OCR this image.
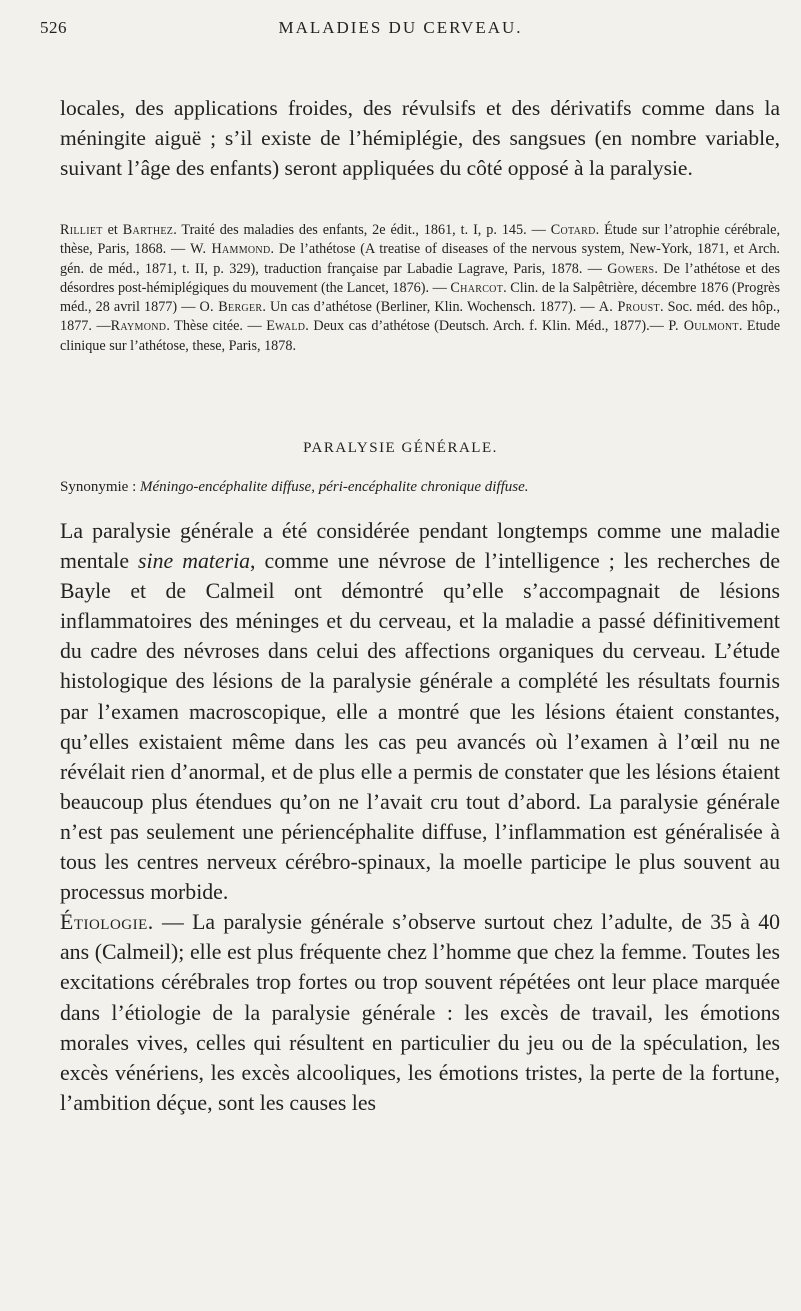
526	MALADIES DU CERVEAU.

locales, des applications froides, des révulsifs et des dérivatifs comme dans la méningite aiguë ; s’il existe de l’hémiplégie, des sangsues (en nombre variable, suivant l’âge des enfants) seront appliquées du côté opposé à la paralysie.

Rilliet et Barthez. Traité des maladies des enfants, 2e édit., 1861, t. I, p. 145. — Cotard. Étude sur l’atrophie cérébrale, thèse, Paris, 1868. — W. Hammond. De l’athétose (A treatise of diseases of the nervous system, New-York, 1871, et Arch. gén. de méd., 1871, t. II, p. 329), traduction française par Labadie Lagrave, Paris, 1878. — Gowers. De l’athétose et des désordres post-hémiplégiques du mouvement (the Lancet, 1876). — Charcot. Clin. de la Salpêtrière, décembre 1876 (Progrès méd., 28 avril 1877) — O. Berger. Un cas d’athétose (Berliner, Klin. Wochensch. 1877). — A. Proust. Soc. méd. des hôp., 1877. —Raymond. Thèse citée. — Ewald. Deux cas d’athétose (Deutsch. Arch. f. Klin. Méd., 1877).— P. Oulmont. Etude clinique sur l’athétose, these, Paris, 1878.

PARALYSIE GÉNÉRALE.
Synonymie : Méningo-encéphalite diffuse, péri-encéphalite chronique diffuse.

La paralysie générale a été considérée pendant longtemps comme une maladie mentale sine materia, comme une névrose de l’intelligence ; les recherches de Bayle et de Calmeil ont démontré qu’elle s’accompagnait de lésions inflammatoires des méninges et du cerveau, et la maladie a passé définitivement du cadre des névroses dans celui des affections organiques du cerveau. L’étude histologique des lésions de la paralysie générale a complété les résultats fournis par l’examen macroscopique, elle a montré que les lésions étaient constantes, qu’elles existaient même dans les cas peu avancés où l’examen à l’œil nu ne révélait rien d’anormal, et de plus elle a permis de constater que les lésions étaient beaucoup plus étendues qu’on ne l’avait cru tout d’abord. La paralysie générale n’est pas seulement une périencéphalite diffuse, l’inflammation est généralisée à tous les centres nerveux cérébro-spinaux, la moelle participe le plus souvent au processus morbide.

Étiologie. — La paralysie générale s’observe surtout chez l’adulte, de 35 à 40 ans (Calmeil); elle est plus fréquente chez l’homme que chez la femme. Toutes les excitations cérébrales trop fortes ou trop souvent répétées ont leur place marquée dans l’étiologie de la paralysie générale : les excès de travail, les émotions morales vives, celles qui résultent en particulier du jeu ou de la spéculation, les excès vénériens, les excès alcooliques, les émotions tristes, la perte de la fortune, l’ambition déçue, sont les causes les
